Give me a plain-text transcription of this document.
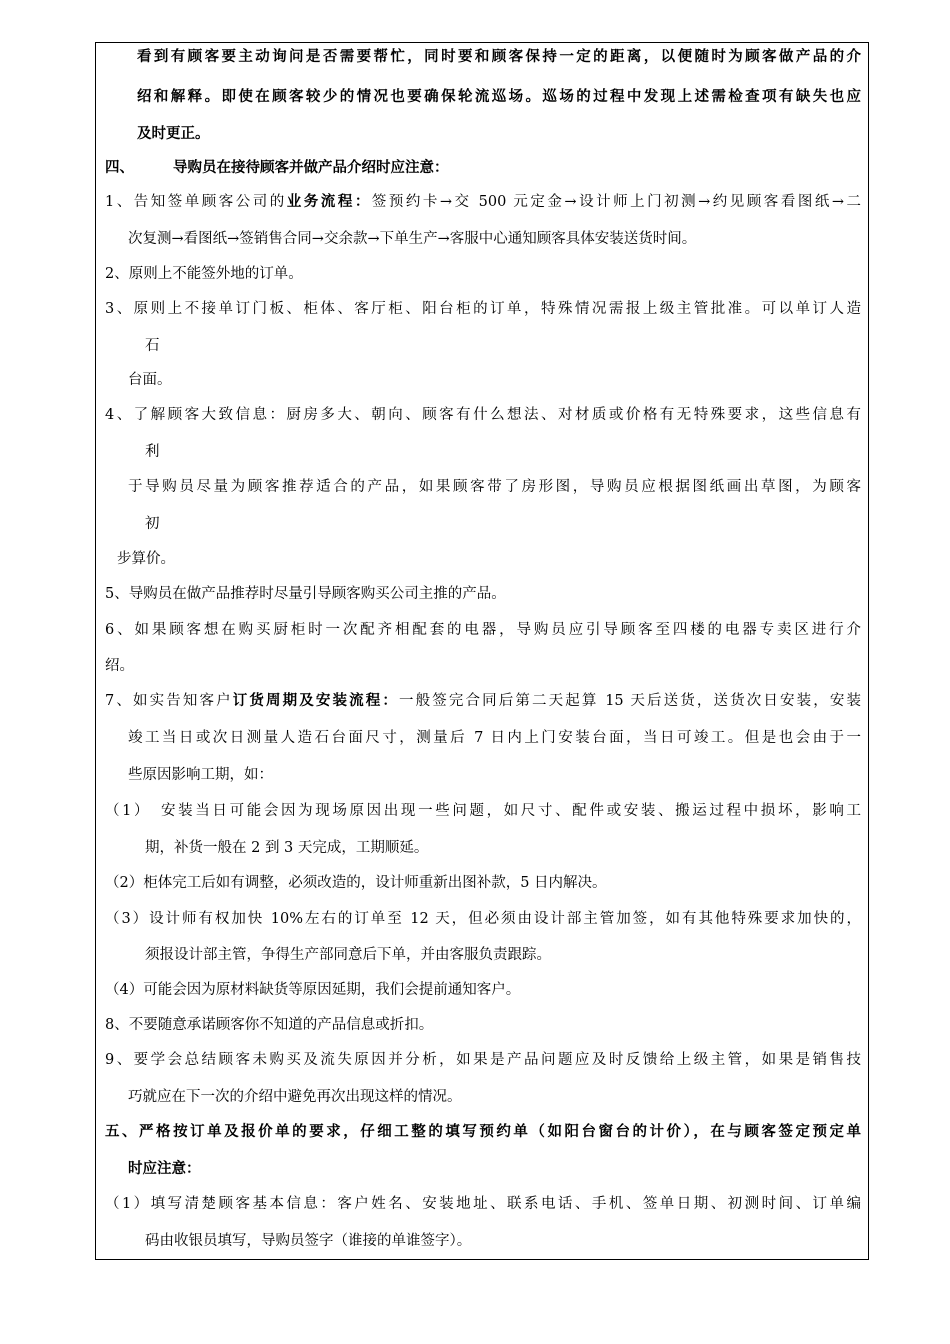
看到有顾客要主动询问是否需要帮忙，同时要和顾客保持一定的距离，以便随时为顾客做产品的介
绍和解释。即使在顾客较少的情况也要确保轮流巡场。巡场的过程中发现上述需检查项有缺失也应
及时更正。
四、	导购员在接待顾客并做产品介绍时应注意：
1、告知签单顾客公司的业务流程：签预约卡→交 500 元定金→设计师上门初测→约见顾客看图纸→二
次复测→看图纸→签销售合同→交余款→下单生产→客服中心通知顾客具体安装送货时间。
2、原则上不能签外地的订单。
3、原则上不接单订门板、柜体、客厅柜、阳台柜的订单，特殊情况需报上级主管批准。可以单订人造
石
台面。
4、了解顾客大致信息：厨房多大、朝向、顾客有什么想法、对材质或价格有无特殊要求，这些信息有
利
于导购员尽量为顾客推荐适合的产品，如果顾客带了房形图，导购员应根据图纸画出草图，为顾客
初
步算价。
5、导购员在做产品推荐时尽量引导顾客购买公司主推的产品。
6、如果顾客想在购买厨柜时一次配齐相配套的电器，导购员应引导顾客至四楼的电器专卖区进行介
绍。
7、如实告知客户订货周期及安装流程：一般签完合同后第二天起算 15 天后送货，送货次日安装，安装
竣工当日或次日测量人造石台面尺寸，测量后 7 日内上门安装台面，当日可竣工。但是也会由于一
些原因影响工期，如：
（1）　安装当日可能会因为现场原因出现一些问题，如尺寸、配件或安装、搬运过程中损坏，影响工
期，补货一般在 2 到 3 天完成，工期顺延。
（2）柜体完工后如有调整，必须改造的，设计师重新出图补款，5 日内解决。
（3）设计师有权加快 10%左右的订单至 12 天，但必须由设计部主管加签，如有其他特殊要求加快的，
须报设计部主管，争得生产部同意后下单，并由客服负责跟踪。
（4）可能会因为原材料缺货等原因延期，我们会提前通知客户。
8、不要随意承诺顾客你不知道的产品信息或折扣。
9、要学会总结顾客未购买及流失原因并分析，如果是产品问题应及时反馈给上级主管，如果是销售技
巧就应在下一次的介绍中避免再次出现这样的情况。
五、严格按订单及报价单的要求，仔细工整的填写预约单（如阳台窗台的计价），在与顾客签定预定单
时应注意：
（1）填写清楚顾客基本信息：客户姓名、安装地址、联系电话、手机、签单日期、初测时间、订单编
码由收银员填写，导购员签字（谁接的单谁签字）。
